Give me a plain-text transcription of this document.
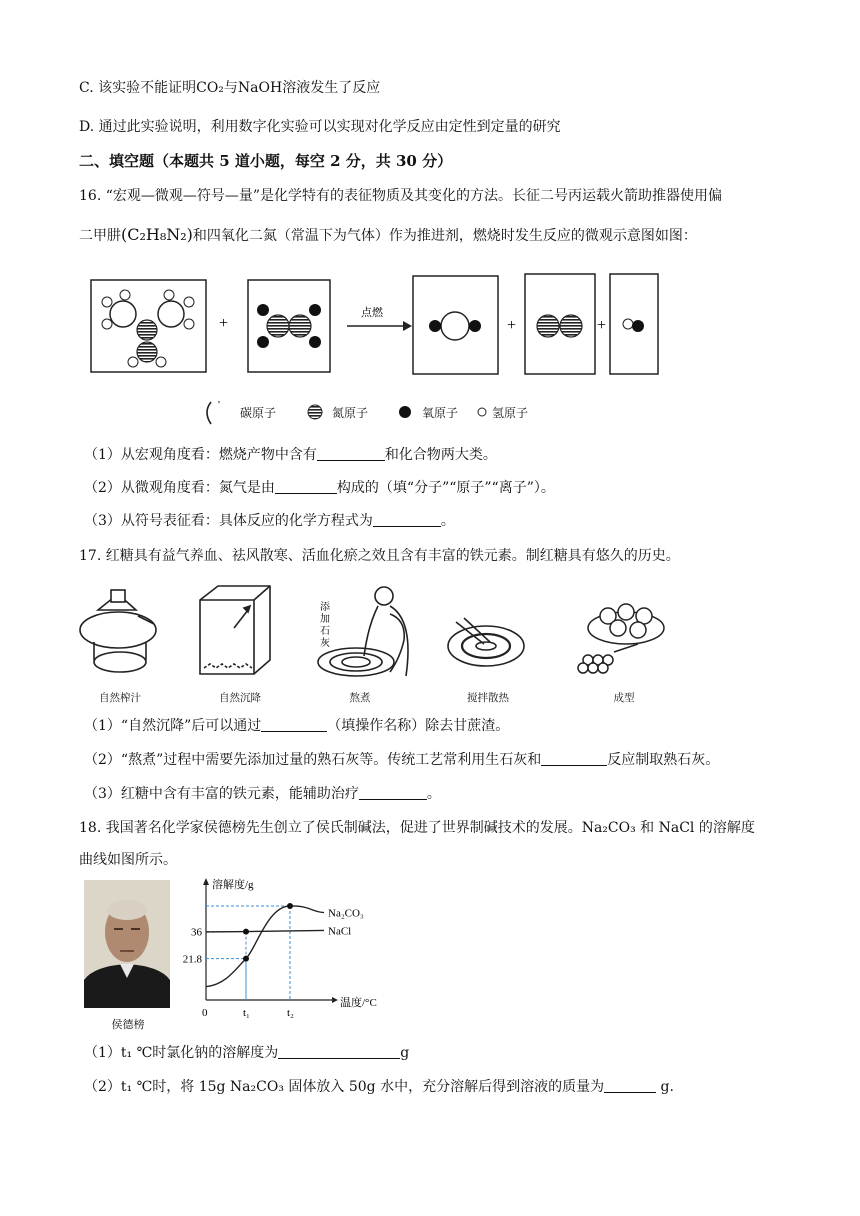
C. 该实验不能证明CO₂与NaOH溶液发生了反应
D. 通过此实验说明，利用数字化实验可以实现对化学反应由定性到定量的研究
二、填空题（本题共 5 道小题，每空 2 分，共 30 分）
16. “宏观—微观—符号—量”是化学特有的表征物质及其变化的方法。长征二号丙运载火箭助推器使用偏
二甲肼(C₂H₈N₂)和四氧化二氮（常温下为气体）作为推进剂，燃烧时发生反应的微观示意图如图：
+
点燃
+	+
'
碳原子	氮原子	氧原子	氢原子
（1）从宏观角度看：燃烧产物中含有	和化合物两大类。
（2）从微观角度看：氮气是由	构成的（填“分子”“原子”“离子”）。
（3）从符号表征看：具体反应的化学方程式为	。
17. 红糖具有益气养血、祛风散寒、活血化瘀之效且含有丰富的铁元素。制红糖具有悠久的历史。
添
加
石
灰
自然榨汁	自然沉降	熬煮	搅拌散热	成型
（1）“自然沉降”后可以通过	（填操作名称）除去甘蔗渣。
（2）“熬煮”过程中需要先添加过量的熟石灰等。传统工艺常利用生石灰和	反应制取熟石灰。
（3）红糖中含有丰富的铁元素，能辅助治疗	。
18. 我国著名化学家侯德榜先生创立了侯氏制碱法，促进了世界制碱技术的发展。Na₂CO₃ 和 NaCl 的溶解度
曲线如图所示。
侯德榜
溶解度/g
温度/°C
0	t₁	t₂
36
21.8
Na₂CO₃
NaCl
（1）t₁ ℃时氯化钠的溶解度为	g
（2）t₁ ℃时，将 15g Na₂CO₃ 固体放入 50g 水中，充分溶解后得到溶液的质量为	g.
